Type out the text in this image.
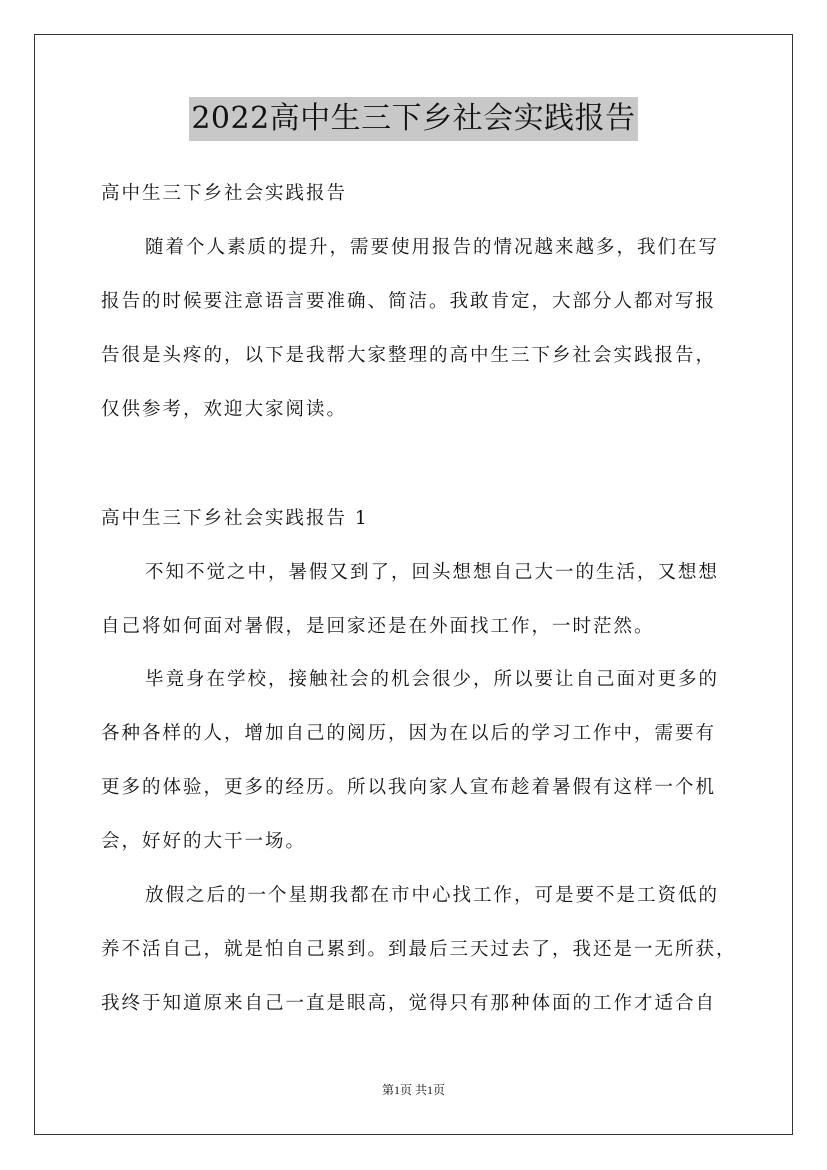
2022高中生三下乡社会实践报告
高中生三下乡社会实践报告
随着个人素质的提升，需要使用报告的情况越来越多，我们在写
报告的时候要注意语言要准确、简洁。我敢肯定，大部分人都对写报
告很是头疼的，以下是我帮大家整理的高中生三下乡社会实践报告，
仅供参考，欢迎大家阅读。
高中生三下乡社会实践报告 1
不知不觉之中，暑假又到了，回头想想自己大一的生活，又想想
自己将如何面对暑假，是回家还是在外面找工作，一时茫然。
毕竟身在学校，接触社会的机会很少，所以要让自己面对更多的
各种各样的人，增加自己的阅历，因为在以后的学习工作中，需要有
更多的体验，更多的经历。所以我向家人宣布趁着暑假有这样一个机
会，好好的大干一场。
放假之后的一个星期我都在市中心找工作，可是要不是工资低的
养不活自己，就是怕自己累到。到最后三天过去了，我还是一无所获，
我终于知道原来自己一直是眼高，觉得只有那种体面的工作才适合自
第1页 共1页
